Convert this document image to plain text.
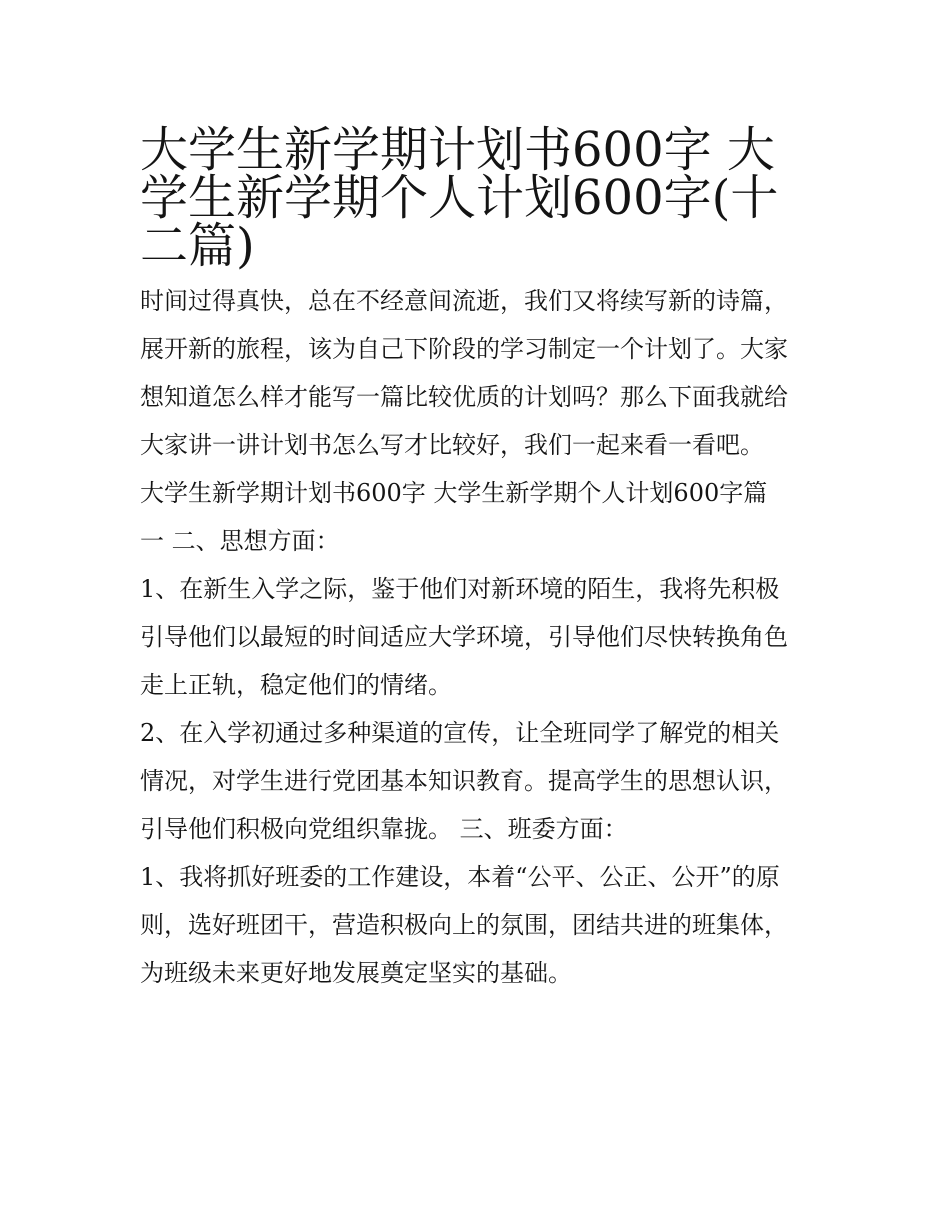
大学生新学期计划书600字 大
学生新学期个人计划600字(十
二篇)
时间过得真快，总在不经意间流逝，我们又将续写新的诗篇，
展开新的旅程，该为自己下阶段的学习制定一个计划了。大家
想知道怎么样才能写一篇比较优质的计划吗？那么下面我就给
大家讲一讲计划书怎么写才比较好，我们一起来看一看吧。
大学生新学期计划书600字 大学生新学期个人计划600字篇
一 二、思想方面：
1、在新生入学之际，鉴于他们对新环境的陌生，我将先积极
引导他们以最短的时间适应大学环境，引导他们尽快转换角色
走上正轨，稳定他们的情绪。
2、在入学初通过多种渠道的宣传，让全班同学了解党的相关
情况，对学生进行党团基本知识教育。提高学生的思想认识，
引导他们积极向党组织靠拢。 三、班委方面：
1、我将抓好班委的工作建设，本着“公平、公正、公开”的原
则，选好班团干，营造积极向上的氛围，团结共进的班集体，
为班级未来更好地发展奠定坚实的基础。
